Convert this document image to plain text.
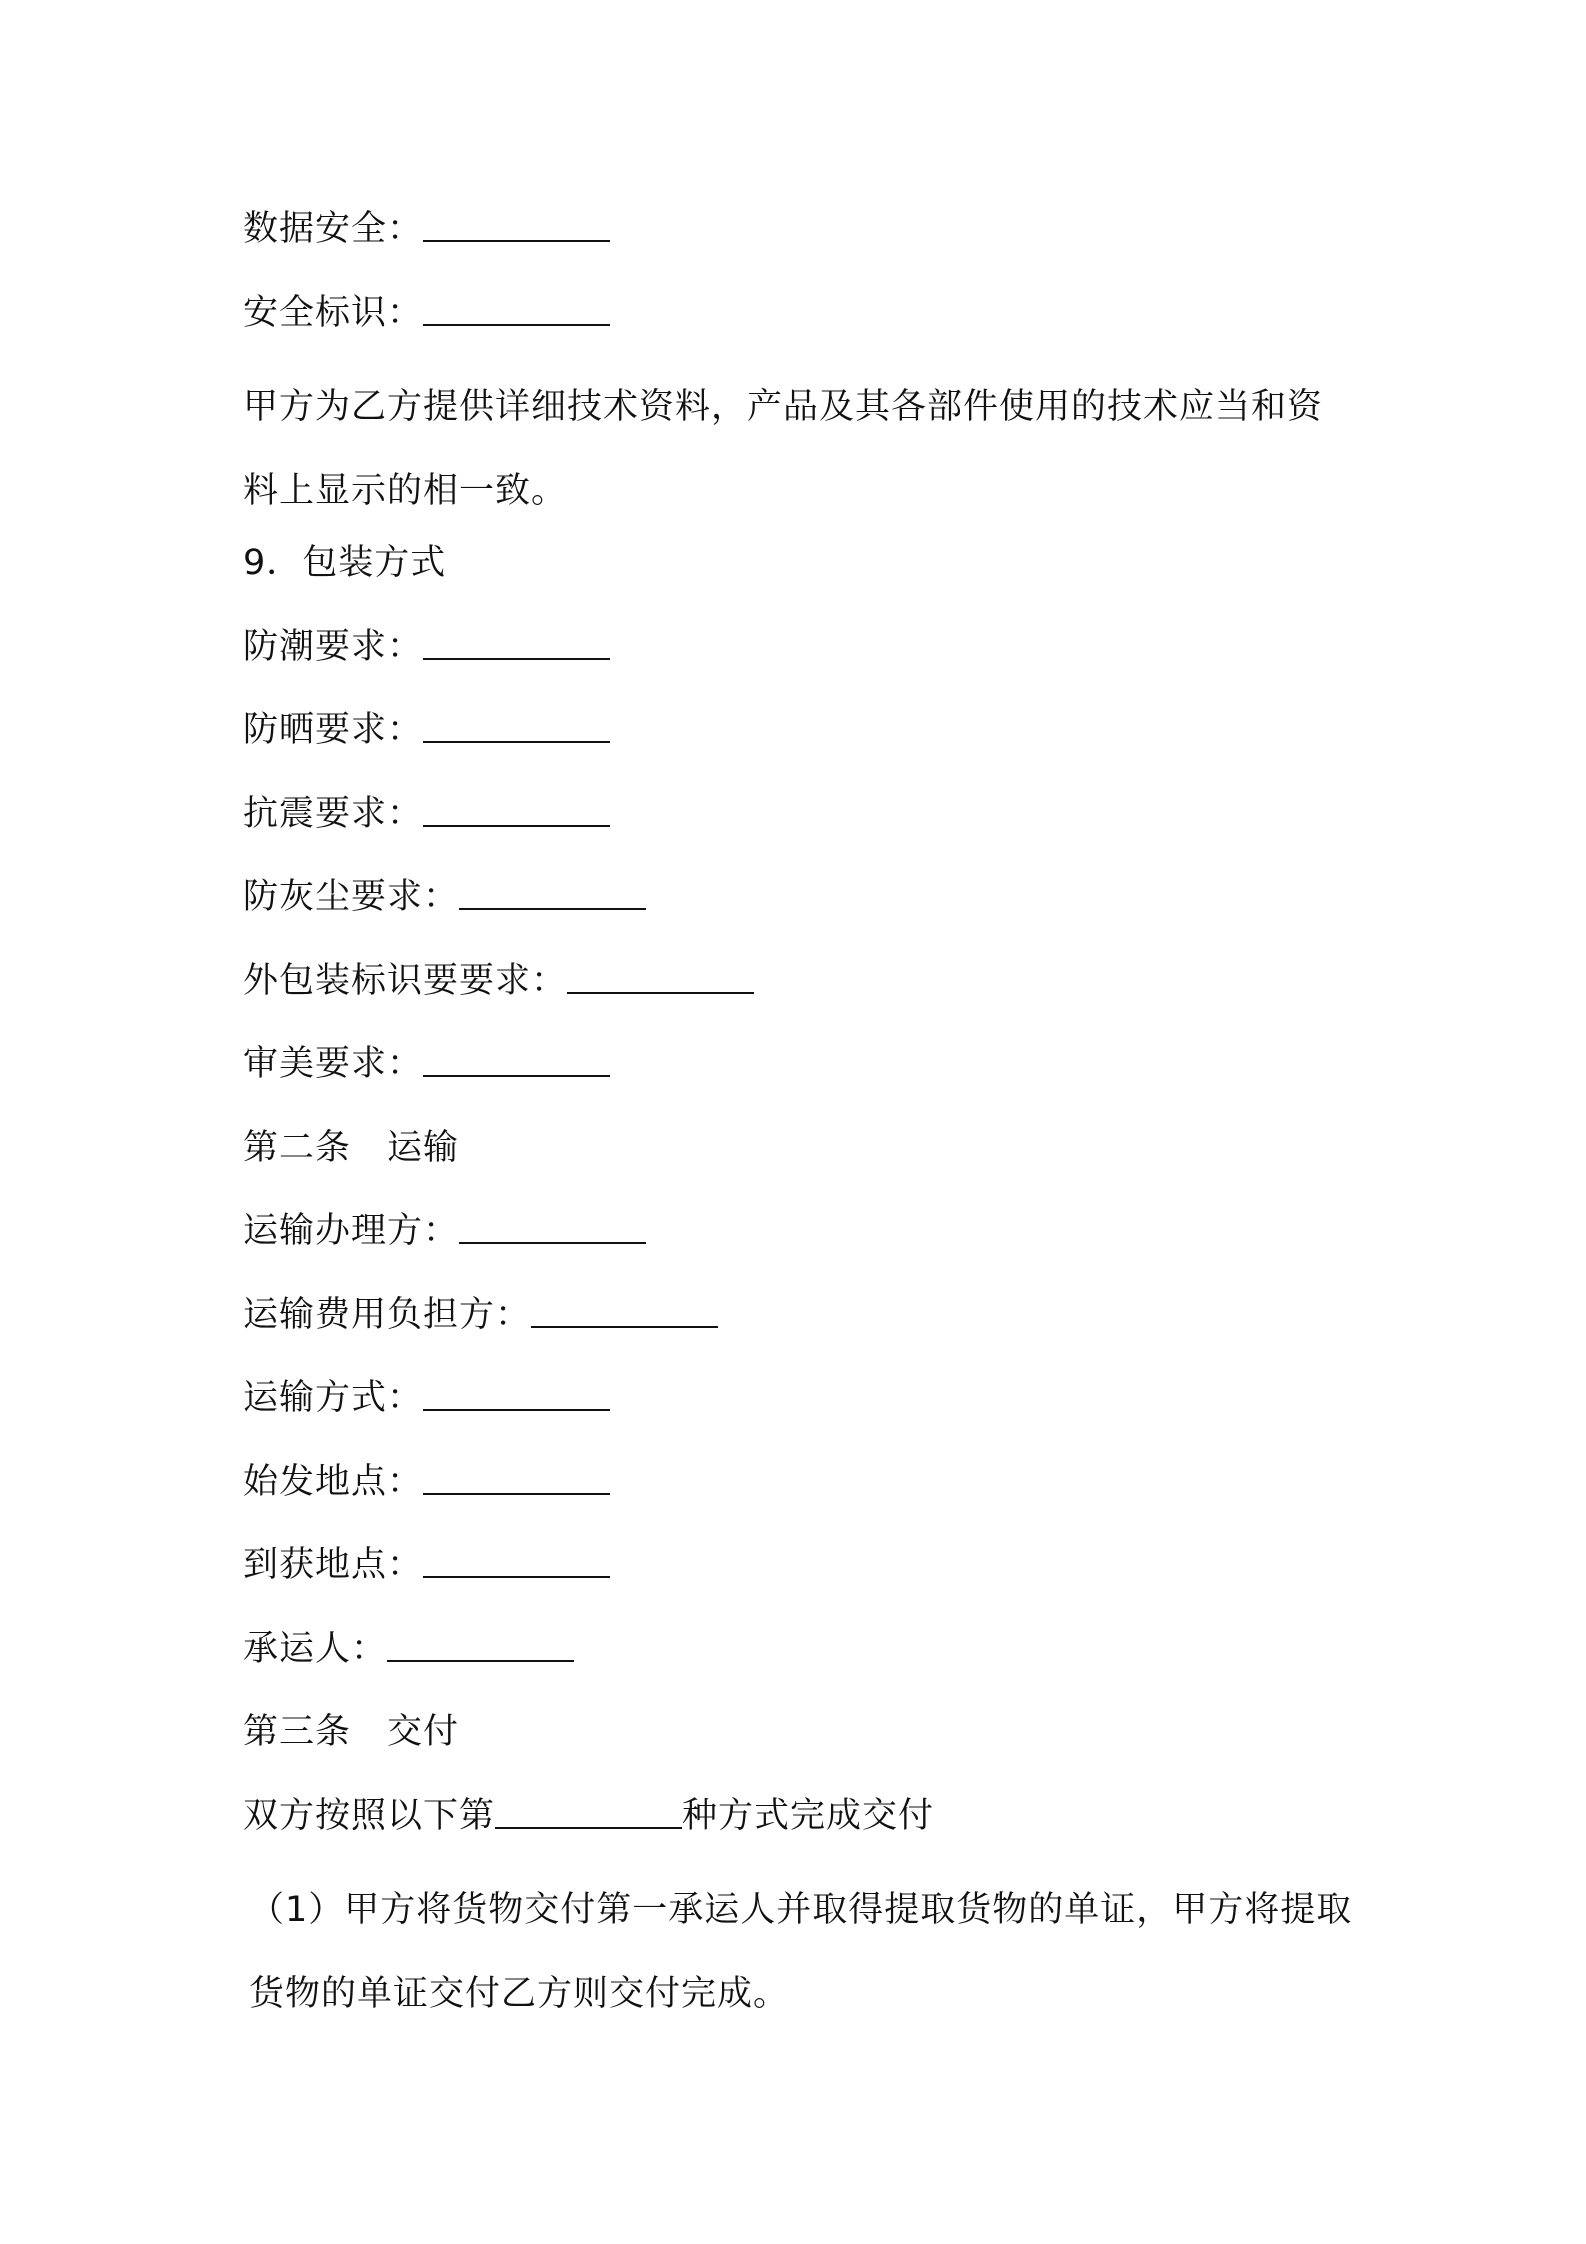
数据安全：
安全标识：
甲方为乙方提供详细技术资料，产品及其各部件使用的技术应当和资料上显示的相一致。
9．包装方式
防潮要求：
防晒要求：
抗震要求：
防灰尘要求：
外包装标识要要求：
审美要求：
第二条　运输
运输办理方：
运输费用负担方：
运输方式：
始发地点：
到获地点：
承运人：
第三条　交付
双方按照以下第	种方式完成交付
（1）甲方将货物交付第一承运人并取得提取货物的单证，甲方将提取货物的单证交付乙方则交付完成。
